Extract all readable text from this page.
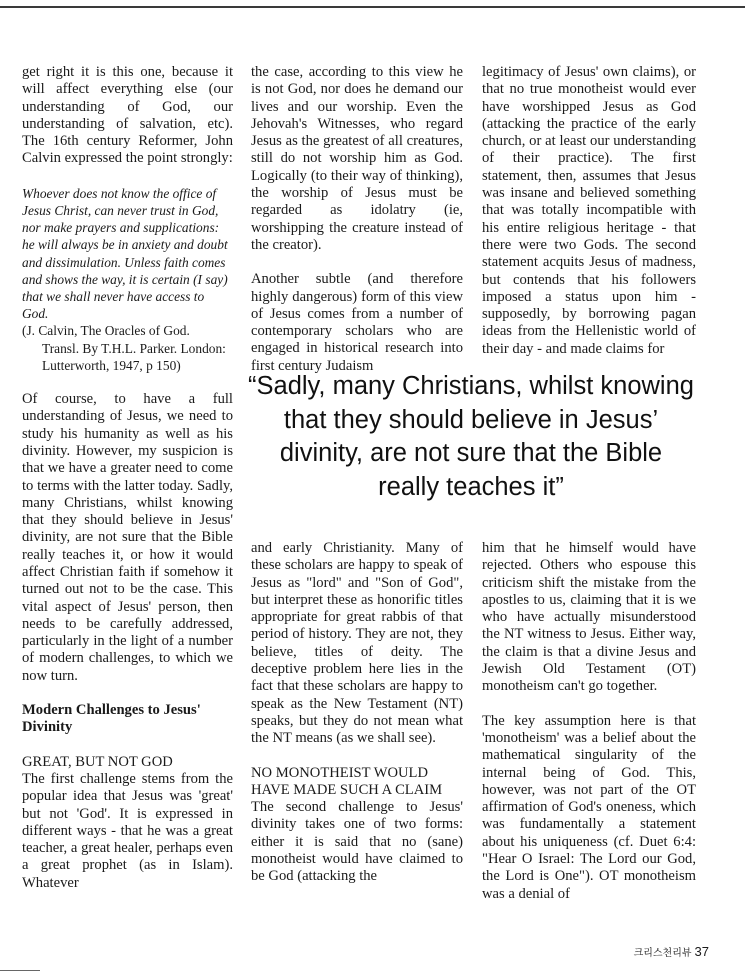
get right it is this one, because it will affect everything else (our understanding of God, our understanding of salvation, etc). The 16th century Reformer, John Calvin expressed the point strongly:

Whoever does not know the office of Jesus Christ, can never trust in God, nor make prayers and supplications: he will always be in anxiety and doubt and dissimulation. Unless faith comes and shows the way, it is certain (I say) that we shall never have access to God.

(J. Calvin, The Oracles of God.
Transl. By T.H.L. Parker. London: Lutterworth, 1947, p 150)

Of course, to have a full understanding of Jesus, we need to study his humanity as well as his divinity. However, my suspicion is that we have a greater need to come to terms with the latter today. Sadly, many Christians, whilst knowing that they should believe in Jesus' divinity, are not sure that the Bible really teaches it, or how it would affect Christian faith if somehow it turned out not to be the case. This vital aspect of Jesus' person, then needs to be carefully addressed, particularly in the light of a number of modern challenges, to which we now turn.

Modern Challenges to Jesus' Divinity

GREAT, BUT NOT GOD

The first challenge stems from the popular idea that Jesus was 'great' but not 'God'. It is expressed in different ways - that he was a great teacher, a great healer, perhaps even a great prophet (as in Islam). Whatever

the case, according to this view he is not God, nor does he demand our lives and our worship. Even the Jehovah's Witnesses, who regard Jesus as the greatest of all creatures, still do not worship him as God. Logically (to their way of thinking), the worship of Jesus must be regarded as idolatry (ie, worshipping the creature instead of the creator).

Another subtle (and therefore highly dangerous) form of this view of Jesus comes from a number of contemporary scholars who are engaged in historical research into first century Judaism

legitimacy of Jesus' own claims), or that no true monotheist would ever have worshipped Jesus as God (attacking the practice of the early church, or at least our understanding of their practice). The first statement, then, assumes that Jesus was insane and believed something that was totally incompatible with his entire religious heritage - that there were two Gods. The second statement acquits Jesus of madness, but contends that his followers imposed a status upon him - supposedly, by borrowing pagan ideas from the Hellenistic world of their day - and made claims for

“Sadly, many Christians, whilst knowing that they should believe in Jesus’ divinity, are not sure that the Bible really teaches it”

and early Christianity. Many of these scholars are happy to speak of Jesus as "lord" and "Son of God", but interpret these as honorific titles appropriate for great rabbis of that period of history. They are not, they believe, titles of deity. The deceptive problem here lies in the fact that these scholars are happy to speak as the New Testament (NT) speaks, but they do not mean what the NT means (as we shall see).

NO MONOTHEIST WOULD HAVE MADE SUCH A CLAIM

The second challenge to Jesus' divinity takes one of two forms: either it is said that no (sane) monotheist would have claimed to be God (attacking the

him that he himself would have rejected. Others who espouse this criticism shift the mistake from the apostles to us, claiming that it is we who have actually misunderstood the NT witness to Jesus. Either way, the claim is that a divine Jesus and Jewish Old Testament (OT) monotheism can't go together.

The key assumption here is that 'monotheism' was a belief about the mathematical singularity of the internal being of God. This, however, was not part of the OT affirmation of God's oneness, which was fundamentally a statement about his uniqueness (cf. Duet 6:4: "Hear O Israel: The Lord our God, the Lord is One"). OT monotheism was a denial of

크리스천리뷰 37
